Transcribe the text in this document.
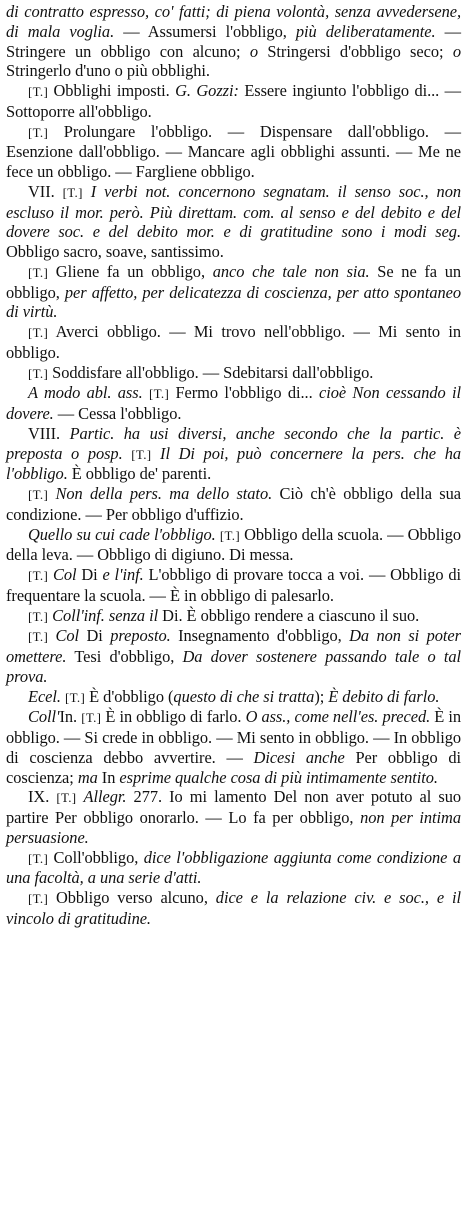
di contratto espresso, co' fatti; di piena volontà, senza avvedersene, di mala voglia. — Assumersi l'obbligo, più deliberatamente. — Stringere un obbligo con alcuno; o Stringersi d'obbligo seco; o Stringerlo d'uno o più obblighi.

[T.] Obblighi imposti. G. Gozzi: Essere ingiunto l'obbligo di... — Sottoporre all'obbligo.

[T.] Prolungare l'obbligo. — Dispensare dall'obbligo. — Esenzione dall'obbligo. — Mancare agli obblighi assunti. — Me ne fece un obbligo. — Fargliene obbligo.

VII. [T.] I verbi not. concernono segnatam. il senso soc., non escluso il mor. però. Più direttam. com. al senso e del debito e del dovere soc. e del debito mor. e di gratitudine sono i modi seg. Obbligo sacro, soave, santissimo.

[T.] Gliene fa un obbligo, anco che tale non sia. Se ne fa un obbligo, per affetto, per delicatezza di coscienza, per atto spontaneo di virtù.

[T.] Averci obbligo. — Mi trovo nell'obbligo. — Mi sento in obbligo.

[T.] Soddisfare all'obbligo. — Sdebitarsi dall'obbligo.

A modo abl. ass. [T.] Fermo l'obbligo di... cioè Non cessando il dovere. — Cessa l'obbligo.

VIII. Partic. ha usi diversi, anche secondo che la partic. è preposta o posp. [T.] Il Di poi, può concernere la pers. che ha l'obbligo. È obbligo de' parenti.

[T.] Non della pers. ma dello stato. Ciò ch'è obbligo della sua condizione. — Per obbligo d'uffizio.

Quello su cui cade l'obbligo. [T.] Obbligo della scuola. — Obbligo della leva. — Obbligo di digiuno. Di messa.

[T.] Col Di e l'inf. L'obbligo di provare tocca a voi. — Obbligo di frequentare la scuola. — È in obbligo di palesarlo.

[T.] Coll'inf. senza il Di. È obbligo rendere a ciascuno il suo.

[T.] Col Di preposto. Insegnamento d'obbligo, Da non si poter omettere. Tesi d'obbligo, Da dover sostenere passando tale o tal prova.

Ecel. [T.] È d'obbligo (questo di che si tratta); È debito di farlo.

Coll'In. [T.] È in obbligo di farlo. O ass., come nell'es. preced. È in obbligo. — Si crede in obbligo. — Mi sento in obbligo. — In obbligo di coscienza debbo avvertire. — Dicesi anche Per obbligo di coscienza; ma In esprime qualche cosa di più intimamente sentito.

IX. [T.] Allegr. 277. Io mi lamento Del non aver potuto al suo partire Per obbligo onorarlo. — Lo fa per obbligo, non per intima persuasione.

[T.] Coll'obbligo, dice l'obbligazione aggiunta come condizione a una facoltà, a una serie d'atti.

[T.] Obbligo verso alcuno, dice e la relazione civ. e soc., e il vincolo di gratitudine.
